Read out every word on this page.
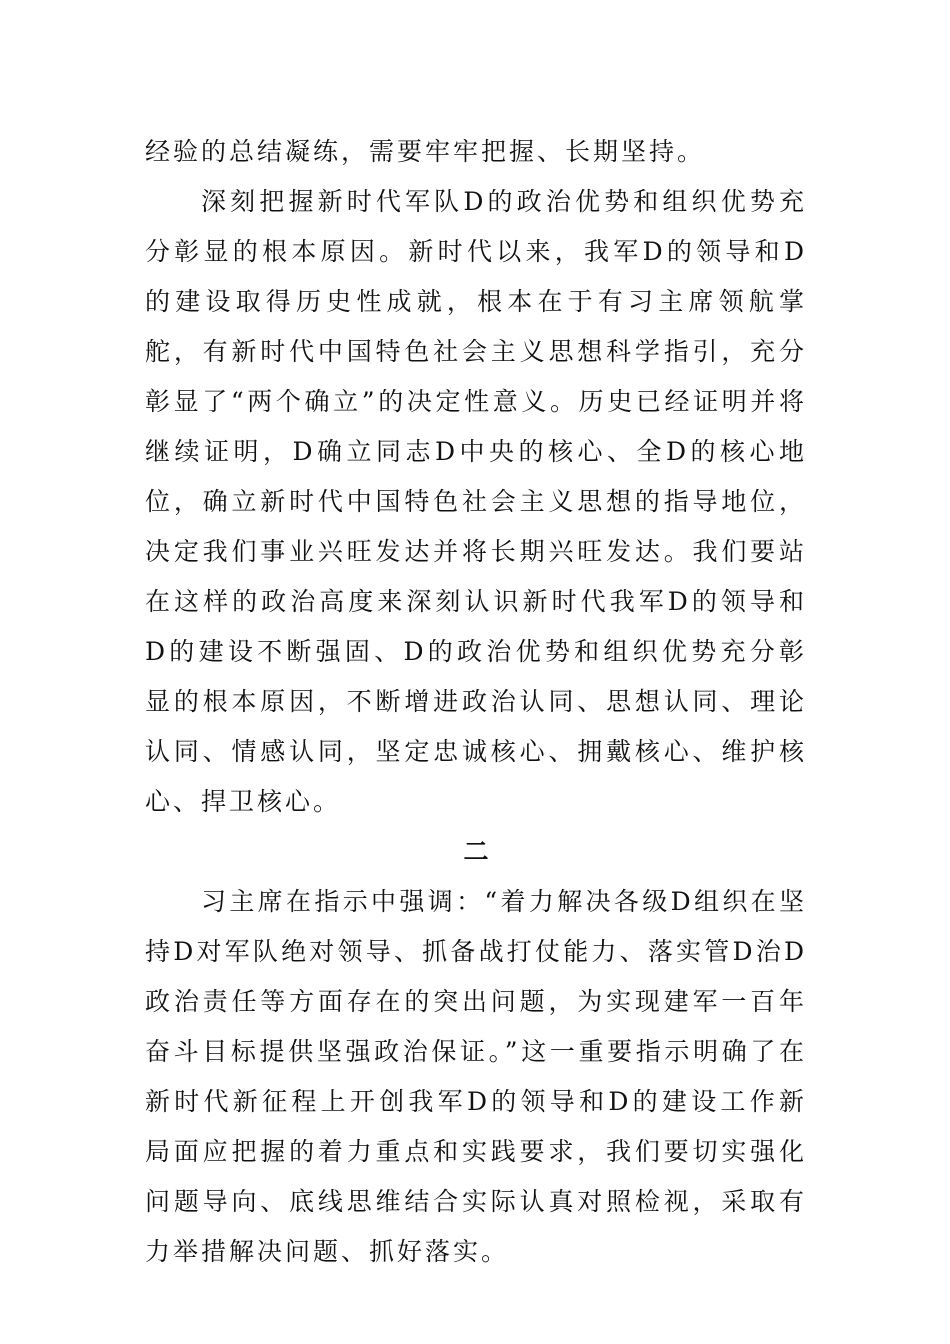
经验的总结凝练，需要牢牢把握、长期坚持。

深刻把握新时代军队D的政治优势和组织优势充分彰显的根本原因。新时代以来，我军D的领导和D的建设取得历史性成就，根本在于有习主席领航掌舵，有新时代中国特色社会主义思想科学指引，充分彰显了“两个确立”的决定性意义。历史已经证明并将继续证明，D确立同志D中央的核心、全D的核心地位，确立新时代中国特色社会主义思想的指导地位，决定我们事业兴旺发达并将长期兴旺发达。我们要站在这样的政治高度来深刻认识新时代我军D的领导和D的建设不断强固、D的政治优势和组织优势充分彰显的根本原因，不断增进政治认同、思想认同、理论认同、情感认同，坚定忠诚核心、拥戴核心、维护核心、捍卫核心。

二

习主席在指示中强调：“着力解决各级D组织在坚持D对军队绝对领导、抓备战打仗能力、落实管D治D政治责任等方面存在的突出问题，为实现建军一百年奋斗目标提供坚强政治保证。”这一重要指示明确了在新时代新征程上开创我军D的领导和D的建设工作新局面应把握的着力重点和实践要求，我们要切实强化问题导向、底线思维结合实际认真对照检视，采取有力举措解决问题、抓好落实。
